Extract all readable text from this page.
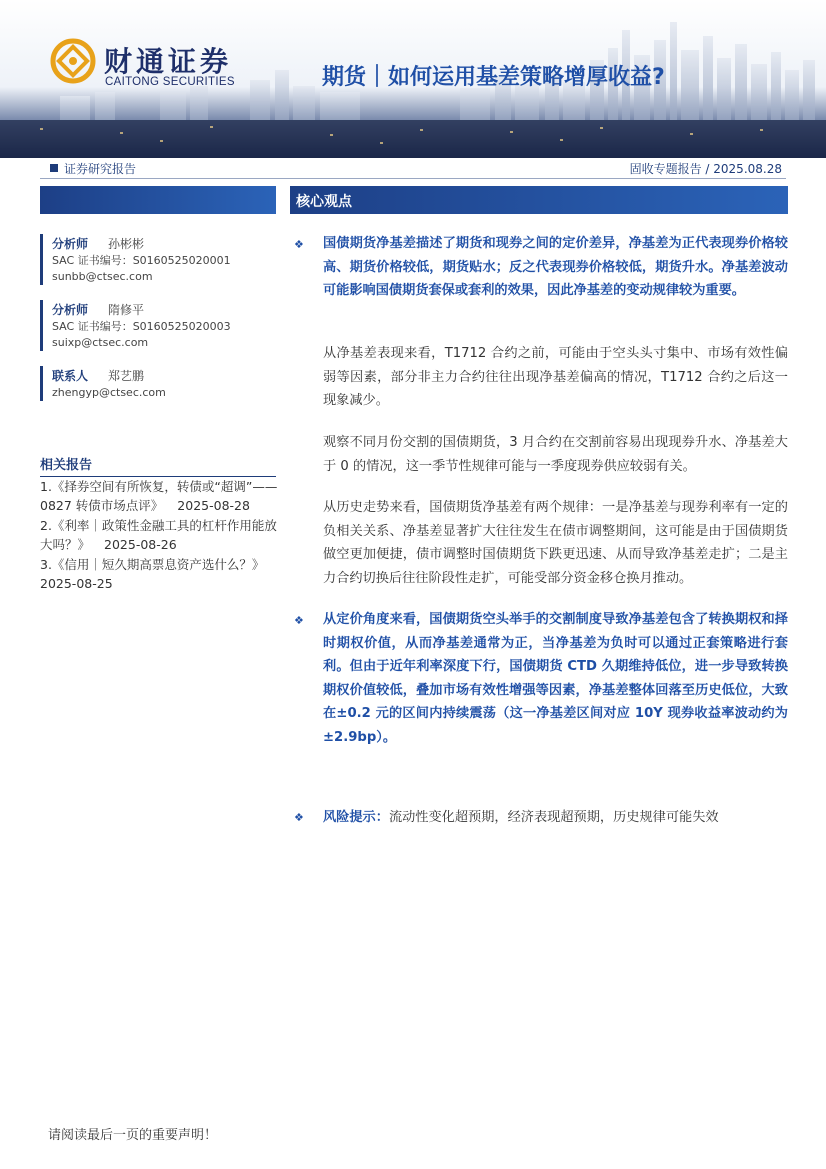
财通证券
CAITONG SECURITIES	期货｜如何运用基差策略增厚收益?
证券研究报告	固收专题报告 / 2025.08.28
分析师 孙彬彬
SAC 证书编号：S0160525020001
sunbb@ctsec.com
分析师 隋修平
SAC 证书编号：S0160525020003
suixp@ctsec.com
联系人 郑艺鹏
zhengyp@ctsec.com
相关报告
1.《择券空间有所恢复，转债或“超调”——0827 转债市场点评》 2025-08-28
2.《利率｜政策性金融工具的杠杆作用能放大吗？》 2025-08-26
3.《信用｜短久期高票息资产选什么？》2025-08-25
核心观点
❖ 国债期货净基差描述了期货和现券之间的定价差异，净基差为正代表现券价格较高、期货价格较低，期货贴水；反之代表现券价格较低，期货升水。净基差波动可能影响国债期货套保或套利的效果，因此净基差的变动规律较为重要。
从净基差表现来看，T1712 合约之前，可能由于空头头寸集中、市场有效性偏弱等因素，部分非主力合约往往出现净基差偏高的情况，T1712 合约之后这一现象减少。
观察不同月份交割的国债期货，3 月合约在交割前容易出现现券升水、净基差大于 0 的情况，这一季节性规律可能与一季度现券供应较弱有关。
从历史走势来看，国债期货净基差有两个规律：一是净基差与现券利率有一定的负相关关系、净基差显著扩大往往发生在债市调整期间，这可能是由于国债期货做空更加便捷，债市调整时国债期货下跌更迅速、从而导致净基差走扩；二是主力合约切换后往往阶段性走扩，可能受部分资金移仓换月推动。
❖ 从定价角度来看，国债期货空头举手的交割制度导致净基差包含了转换期权和择时期权价值，从而净基差通常为正，当净基差为负时可以通过正套策略进行套利。但由于近年利率深度下行，国债期货 CTD 久期维持低位，进一步导致转换期权价值较低，叠加市场有效性增强等因素，净基差整体回落至历史低位，大致在±0.2 元的区间内持续震荡（这一净基差区间对应 10Y 现券收益率波动约为±2.9bp）。
❖ 风险提示：流动性变化超预期，经济表现超预期，历史规律可能失效
请阅读最后一页的重要声明！
